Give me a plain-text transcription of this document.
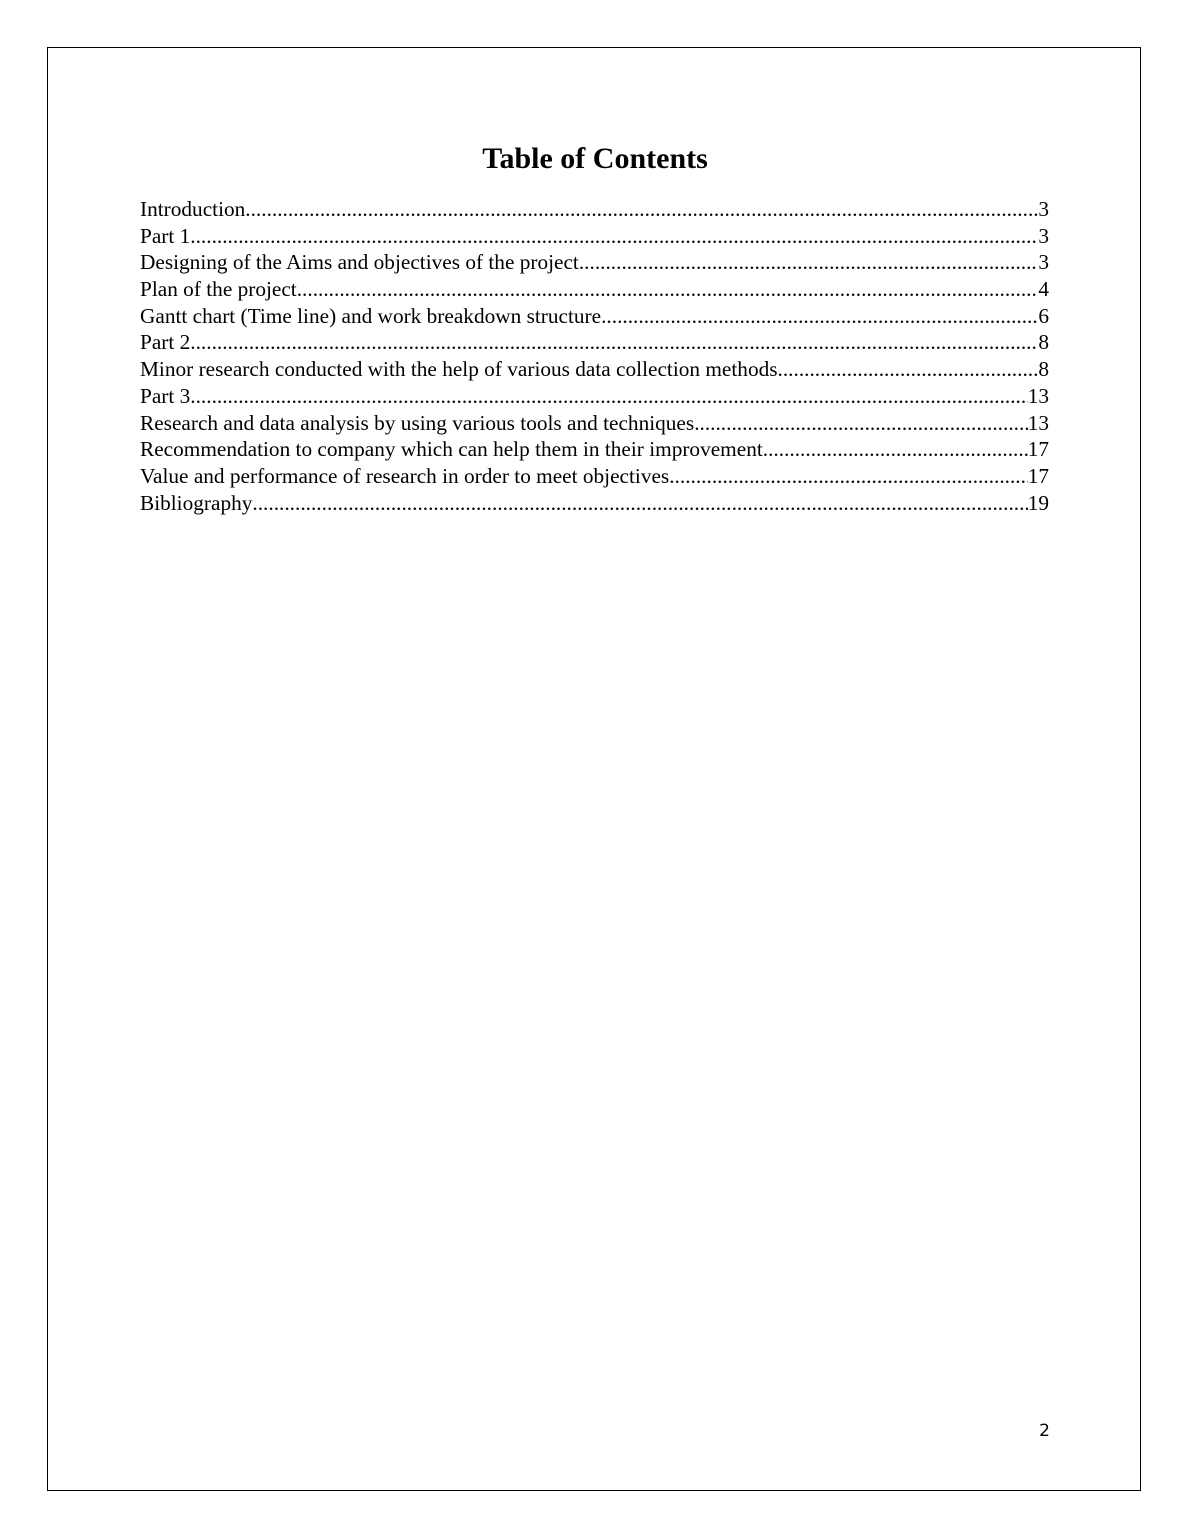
Table of Contents
Introduction .....	3
Part 1 .....	3
Designing of the Aims and objectives of the project .....	3
Plan of the project .....	4
Gantt chart (Time line) and work breakdown structure .....	6
Part 2 .....	8
Minor research conducted with the help of various data collection methods .....	8
Part 3 .....	13
Research and data analysis by using various tools and techniques .....	13
Recommendation to company which can help them in their improvement .....	17
Value and performance of research in order to meet objectives .....	17
Bibliography .....	19
2
